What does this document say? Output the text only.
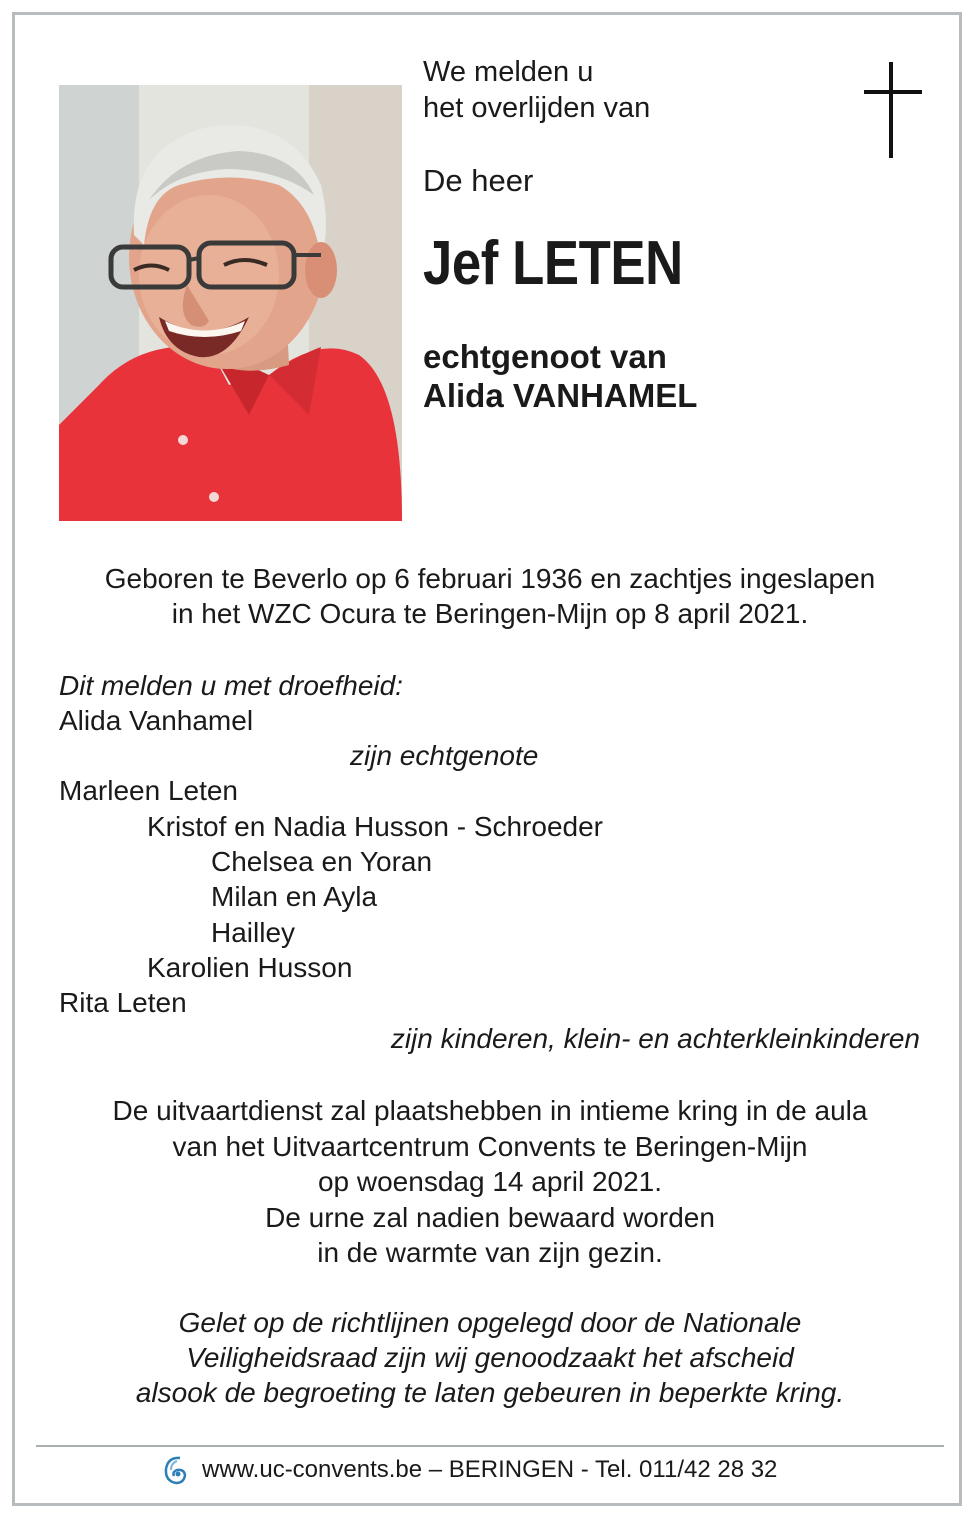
We melden u
het overlijden van
De heer
Jef LETEN
echtgenoot van
Alida VANHAMEL
Geboren te Beverlo op 6 februari 1936 en zachtjes ingeslapen
in het WZC Ocura te Beringen-Mijn op 8 april 2021.
Dit melden u met droefheid:
Alida Vanhamel
zijn echtgenote
Marleen Leten
Kristof en Nadia Husson - Schroeder
Chelsea en Yoran
Milan en Ayla
Hailley
Karolien Husson
Rita Leten
zijn kinderen, klein- en achterkleinkinderen
De uitvaartdienst zal plaatshebben in intieme kring in de aula
van het Uitvaartcentrum Convents te Beringen-Mijn
op woensdag 14 april 2021.
De urne zal nadien bewaard worden
in de warmte van zijn gezin.
Gelet op de richtlijnen opgelegd door de Nationale
Veiligheidsraad zijn wij genoodzaakt het afscheid
alsook de begroeting te laten gebeuren in beperkte kring.
www.uc-convents.be – BERINGEN - Tel. 011/42 28 32
